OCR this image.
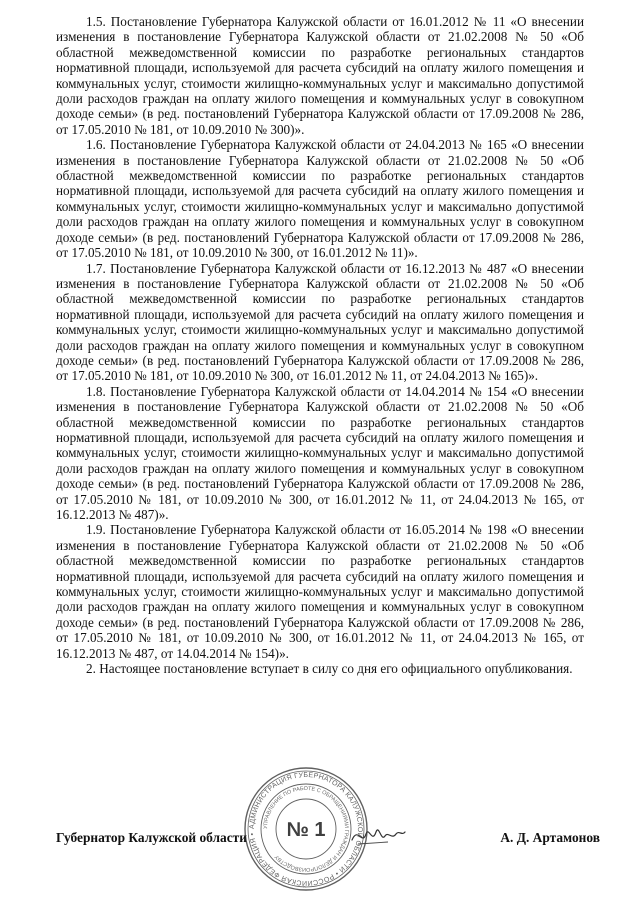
1.5. Постановление Губернатора Калужской области от 16.01.2012 № 11 «О внесении изменения в постановление Губернатора Калужской области от 21.02.2008 № 50 «Об областной межведомственной комиссии по разработке региональных стандартов нормативной площади, используемой для расчета субсидий на оплату жилого помещения и коммунальных услуг, стоимости жилищно-коммунальных услуг и максимально допустимой доли расходов граждан на оплату жилого помещения и коммунальных услуг в совокупном доходе семьи» (в ред. постановлений Губернатора Калужской области от 17.09.2008 № 286, от 17.05.2010 № 181, от 10.09.2010 № 300)».

1.6. Постановление Губернатора Калужской области от 24.04.2013 № 165 «О внесении изменения в постановление Губернатора Калужской области от 21.02.2008 № 50 «Об областной межведомственной комиссии по разработке региональных стандартов нормативной площади, используемой для расчета субсидий на оплату жилого помещения и коммунальных услуг, стоимости жилищно-коммунальных услуг и максимально допустимой доли расходов граждан на оплату жилого помещения и коммунальных услуг в совокупном доходе семьи» (в ред. постановлений Губернатора Калужской области от 17.09.2008 № 286, от 17.05.2010 № 181, от 10.09.2010 № 300, от 16.01.2012 № 11)».

1.7. Постановление Губернатора Калужской области от 16.12.2013 № 487 «О внесении изменения в постановление Губернатора Калужской области от 21.02.2008 № 50 «Об областной межведомственной комиссии по разработке региональных стандартов нормативной площади, используемой для расчета субсидий на оплату жилого помещения и коммунальных услуг, стоимости жилищно-коммунальных услуг и максимально допустимой доли расходов граждан на оплату жилого помещения и коммунальных услуг в совокупном доходе семьи» (в ред. постановлений Губернатора Калужской области от 17.09.2008 № 286, от 17.05.2010 № 181, от 10.09.2010 № 300, от 16.01.2012 № 11, от 24.04.2013 № 165)».

1.8. Постановление Губернатора Калужской области от 14.04.2014 № 154 «О внесении изменения в постановление Губернатора Калужской области от 21.02.2008 № 50 «Об областной межведомственной комиссии по разработке региональных стандартов нормативной площади, используемой для расчета субсидий на оплату жилого помещения и коммунальных услуг, стоимости жилищно-коммунальных услуг и максимально допустимой доли расходов граждан на оплату жилого помещения и коммунальных услуг в совокупном доходе семьи» (в ред. постановлений Губернатора Калужской области от 17.09.2008 № 286, от 17.05.2010 № 181, от 10.09.2010 № 300, от 16.01.2012 № 11, от 24.04.2013 № 165, от 16.12.2013 № 487)».

1.9. Постановление Губернатора Калужской области от 16.05.2014 № 198 «О внесении изменения в постановление Губернатора Калужской области от 21.02.2008 № 50 «Об областной межведомственной комиссии по разработке региональных стандартов нормативной площади, используемой для расчета субсидий на оплату жилого помещения и коммунальных услуг, стоимости жилищно-коммунальных услуг и максимально допустимой доли расходов граждан на оплату жилого помещения и коммунальных услуг в совокупном доходе семьи» (в ред. постановлений Губернатора Калужской области от 17.09.2008 № 286, от 17.05.2010 № 181, от 10.09.2010 № 300, от 16.01.2012 № 11, от 24.04.2013 № 165, от 16.12.2013 № 487, от 14.04.2014 № 154)».

2. Настоящее постановление вступает в силу со дня его официального опубликования.

Губернатор Калужской области	А. Д. Артамонов
АДМИНИСТРАЦИЯ ГУБЕРНАТОРА КАЛУЖСКОЙ ОБЛАСТИ • РОССИЙСКАЯ ФЕДЕРАЦИЯ •
УПРАВЛЕНИЕ ПО РАБОТЕ С ОБРАЩЕНИЯМИ ГРАЖДАН И ДЕЛОПРОИЗВОДСТВУ
№ 1
